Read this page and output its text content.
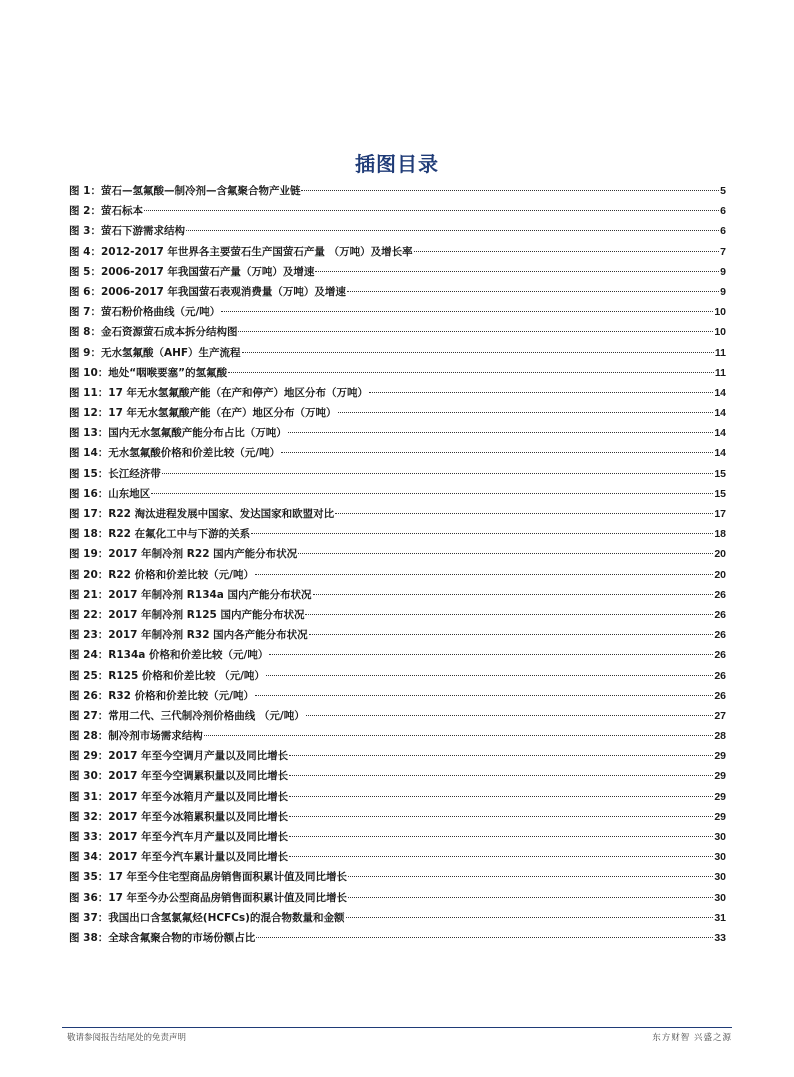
插图目录
图 1：萤石—氢氟酸—制冷剂—含氟聚合物产业链	5
图 2：萤石标本	6
图 3：萤石下游需求结构	6
图 4：2012-2017 年世界各主要萤石生产国萤石产量 （万吨）及增长率	7
图 5：2006-2017 年我国萤石产量（万吨）及增速	9
图 6：2006-2017 年我国萤石表观消费量（万吨）及增速	9
图 7：萤石粉价格曲线（元/吨）	10
图 8：金石资源萤石成本拆分结构图	10
图 9：无水氢氟酸（AHF）生产流程	11
图 10：地处“咽喉要塞”的氢氟酸	11
图 11：17 年无水氢氟酸产能（在产和停产）地区分布（万吨）	14
图 12：17 年无水氢氟酸产能（在产）地区分布（万吨）	14
图 13：国内无水氢氟酸产能分布占比（万吨）	14
图 14：无水氢氟酸价格和价差比较（元/吨）	14
图 15：长江经济带	15
图 16：山东地区	15
图 17：R22 淘汰进程发展中国家、发达国家和欧盟对比	17
图 18：R22 在氟化工中与下游的关系	18
图 19：2017 年制冷剂 R22 国内产能分布状况	20
图 20：R22 价格和价差比较（元/吨）	20
图 21：2017 年制冷剂 R134a 国内产能分布状况	26
图 22：2017 年制冷剂 R125 国内产能分布状况	26
图 23：2017 年制冷剂 R32 国内各产能分布状况	26
图 24：R134a 价格和价差比较（元/吨）	26
图 25：R125 价格和价差比较 （元/吨）	26
图 26：R32 价格和价差比较（元/吨）	26
图 27：常用二代、三代制冷剂价格曲线 （元/吨）	27
图 28：制冷剂市场需求结构	28
图 29：2017 年至今空调月产量以及同比增长	29
图 30：2017 年至今空调累积量以及同比增长	29
图 31：2017 年至今冰箱月产量以及同比增长	29
图 32：2017 年至今冰箱累积量以及同比增长	29
图 33：2017 年至今汽车月产量以及同比增长	30
图 34：2017 年至今汽车累计量以及同比增长	30
图 35：17 年至今住宅型商品房销售面积累计值及同比增长	30
图 36：17 年至今办公型商品房销售面积累计值及同比增长	30
图 37：我国出口含氢氯氟烃(HCFCs)的混合物数量和金额	31
图 38：全球含氟聚合物的市场份额占比	33
敬请参阅报告结尾处的免责声明	东方财智 兴盛之源
